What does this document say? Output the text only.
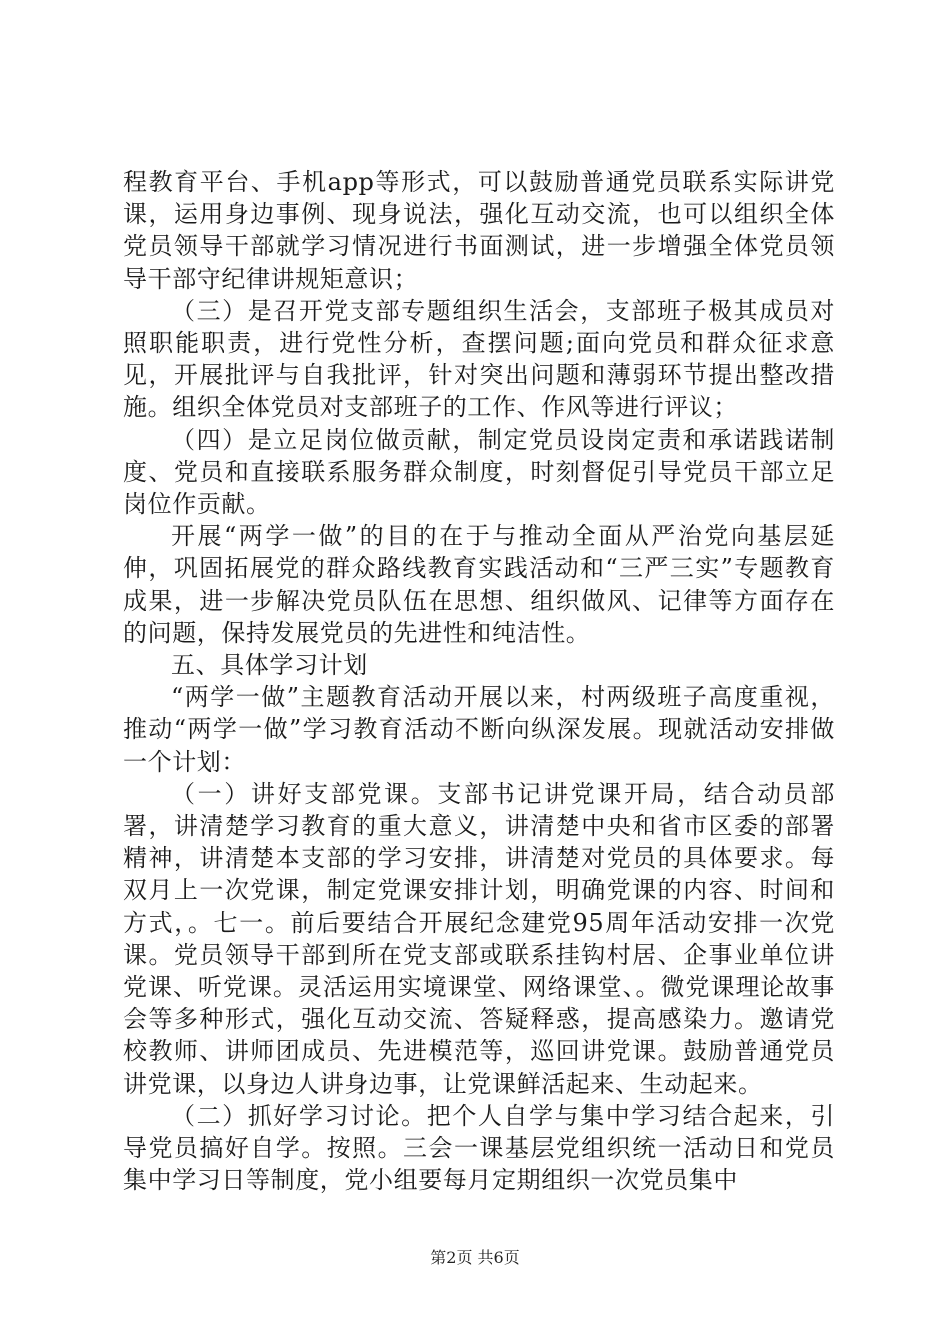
程教育平台、手机app等形式，可以鼓励普通党员联系实际讲党课，运用身边事例、现身说法，强化互动交流，也可以组织全体党员领导干部就学习情况进行书面测试，进一步增强全体党员领导干部守纪律讲规矩意识；

（三）是召开党支部专题组织生活会，支部班子极其成员对照职能职责，进行党性分析，查摆问题;面向党员和群众征求意见，开展批评与自我批评，针对突出问题和薄弱环节提出整改措施。组织全体党员对支部班子的工作、作风等进行评议；

（四）是立足岗位做贡献，制定党员设岗定责和承诺践诺制度、党员和直接联系服务群众制度，时刻督促引导党员干部立足岗位作贡献。

开展“两学一做”的目的在于与推动全面从严治党向基层延伸，巩固拓展党的群众路线教育实践活动和“三严三实”专题教育成果，进一步解决党员队伍在思想、组织做风、记律等方面存在的问题，保持发展党员的先进性和纯洁性。

五、具体学习计划

“两学一做”主题教育活动开展以来，村两级班子高度重视，推动“两学一做”学习教育活动不断向纵深发展。现就活动安排做一个计划：

（一）讲好支部党课。支部书记讲党课开局，结合动员部署，讲清楚学习教育的重大意义，讲清楚中央和省市区委的部署精神，讲清楚本支部的学习安排，讲清楚对党员的具体要求。每双月上一次党课，制定党课安排计划，明确党课的内容、时间和方式，。七一。前后要结合开展纪念建党95周年活动安排一次党课。党员领导干部到所在党支部或联系挂钩村居、企事业单位讲党课、听党课。灵活运用实境课堂、网络课堂、。微党课理论故事会等多种形式，强化互动交流、答疑释惑，提高感染力。邀请党校教师、讲师团成员、先进模范等，巡回讲党课。鼓励普通党员讲党课，以身边人讲身边事，让党课鲜活起来、生动起来。

（二）抓好学习讨论。把个人自学与集中学习结合起来，引导党员搞好自学。按照。三会一课基层党组织统一活动日和党员集中学习日等制度，党小组要每月定期组织一次党员集中

第2页 共6页
